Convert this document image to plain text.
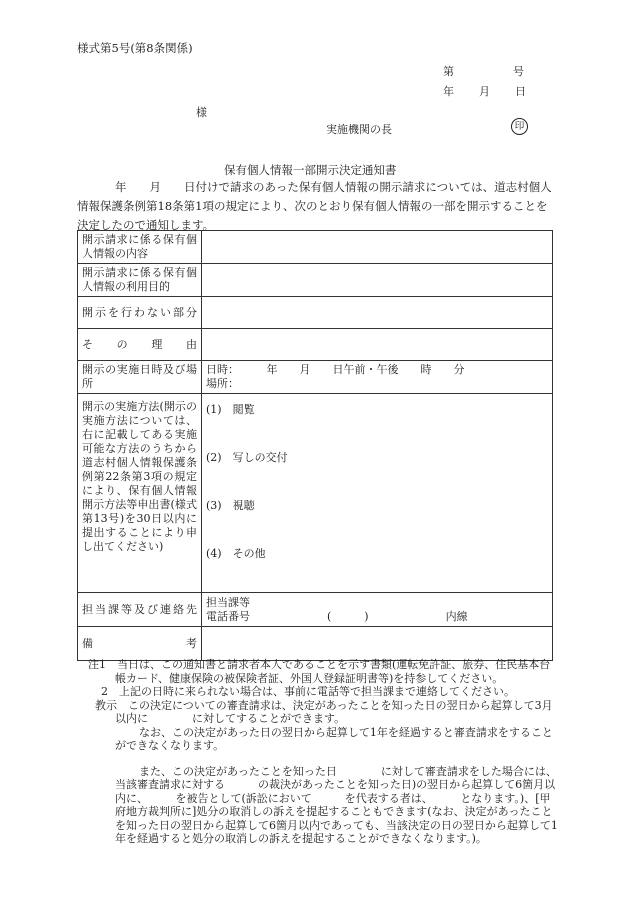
様式第5号(第8条関係)
第	号
年 月 日
様
実施機関の長	印
保有個人情報一部開示決定通知書
年　　月　　日付けで請求のあった保有個人情報の開示請求については、道志村個人情報保護条例第18条第1項の規定により、次のとおり保有個人情報の一部を開示することを決定したので通知します。
開示請求に係る保有個人情報の内容	
開示請求に係る保有個人情報の利用目的	
開示を行わない部分	
そ　の　理　由	
開示の実施日時及び場所	日時：　　　年　　月　　日午前・午後　　時　　分
場所：

開示の実施方法(開示の実施方法については、右に記載してある実施可能な方法のうちから道志村個人情報保護条例第22条第3項の規定により、保有個人情報開示方法等申出書(様式第13号)を30日以内に提出することにより申し出てください)	(1)　閲覧
(2)　写しの交付
(3)　視聴
(4)　その他

担当課等及び連絡先	担当課等
電話番号　　　　　　　(　　　)　　　　　　　内線

備　　　　　　考	

注1　当日は、この通知書と請求者本人であることを示す書類(運転免許証、旅券、住民基本台帳カード、健康保険の被保険者証、外国人登録証明書等)を持参してください。

2　上記の日時に来られない場合は、事前に電話等で担当課まで連絡してください。

教示　この決定についての審査請求は、決定があったことを知った日の翌日から起算して3月以内に　　　　に対してすることができます。

なお、この決定があった日の翌日から起算して1年を経過すると審査請求をすることができなくなります。

また、この決定があったことを知った日　　　　に対して審査請求をした場合には、当該審査請求に対する　　　の裁決があったことを知った日)の翌日から起算して6箇月以内に、　　　を被告として(訴訟において　　　を代表する者は、　　　となります。)、[甲府地方裁判所に]処分の取消しの訴えを提起することもできます(なお、決定があったことを知った日の翌日から起算して6箇月以内であっても、当該決定の日の翌日から起算して1年を経過すると処分の取消しの訴えを提起することができなくなります。)。
